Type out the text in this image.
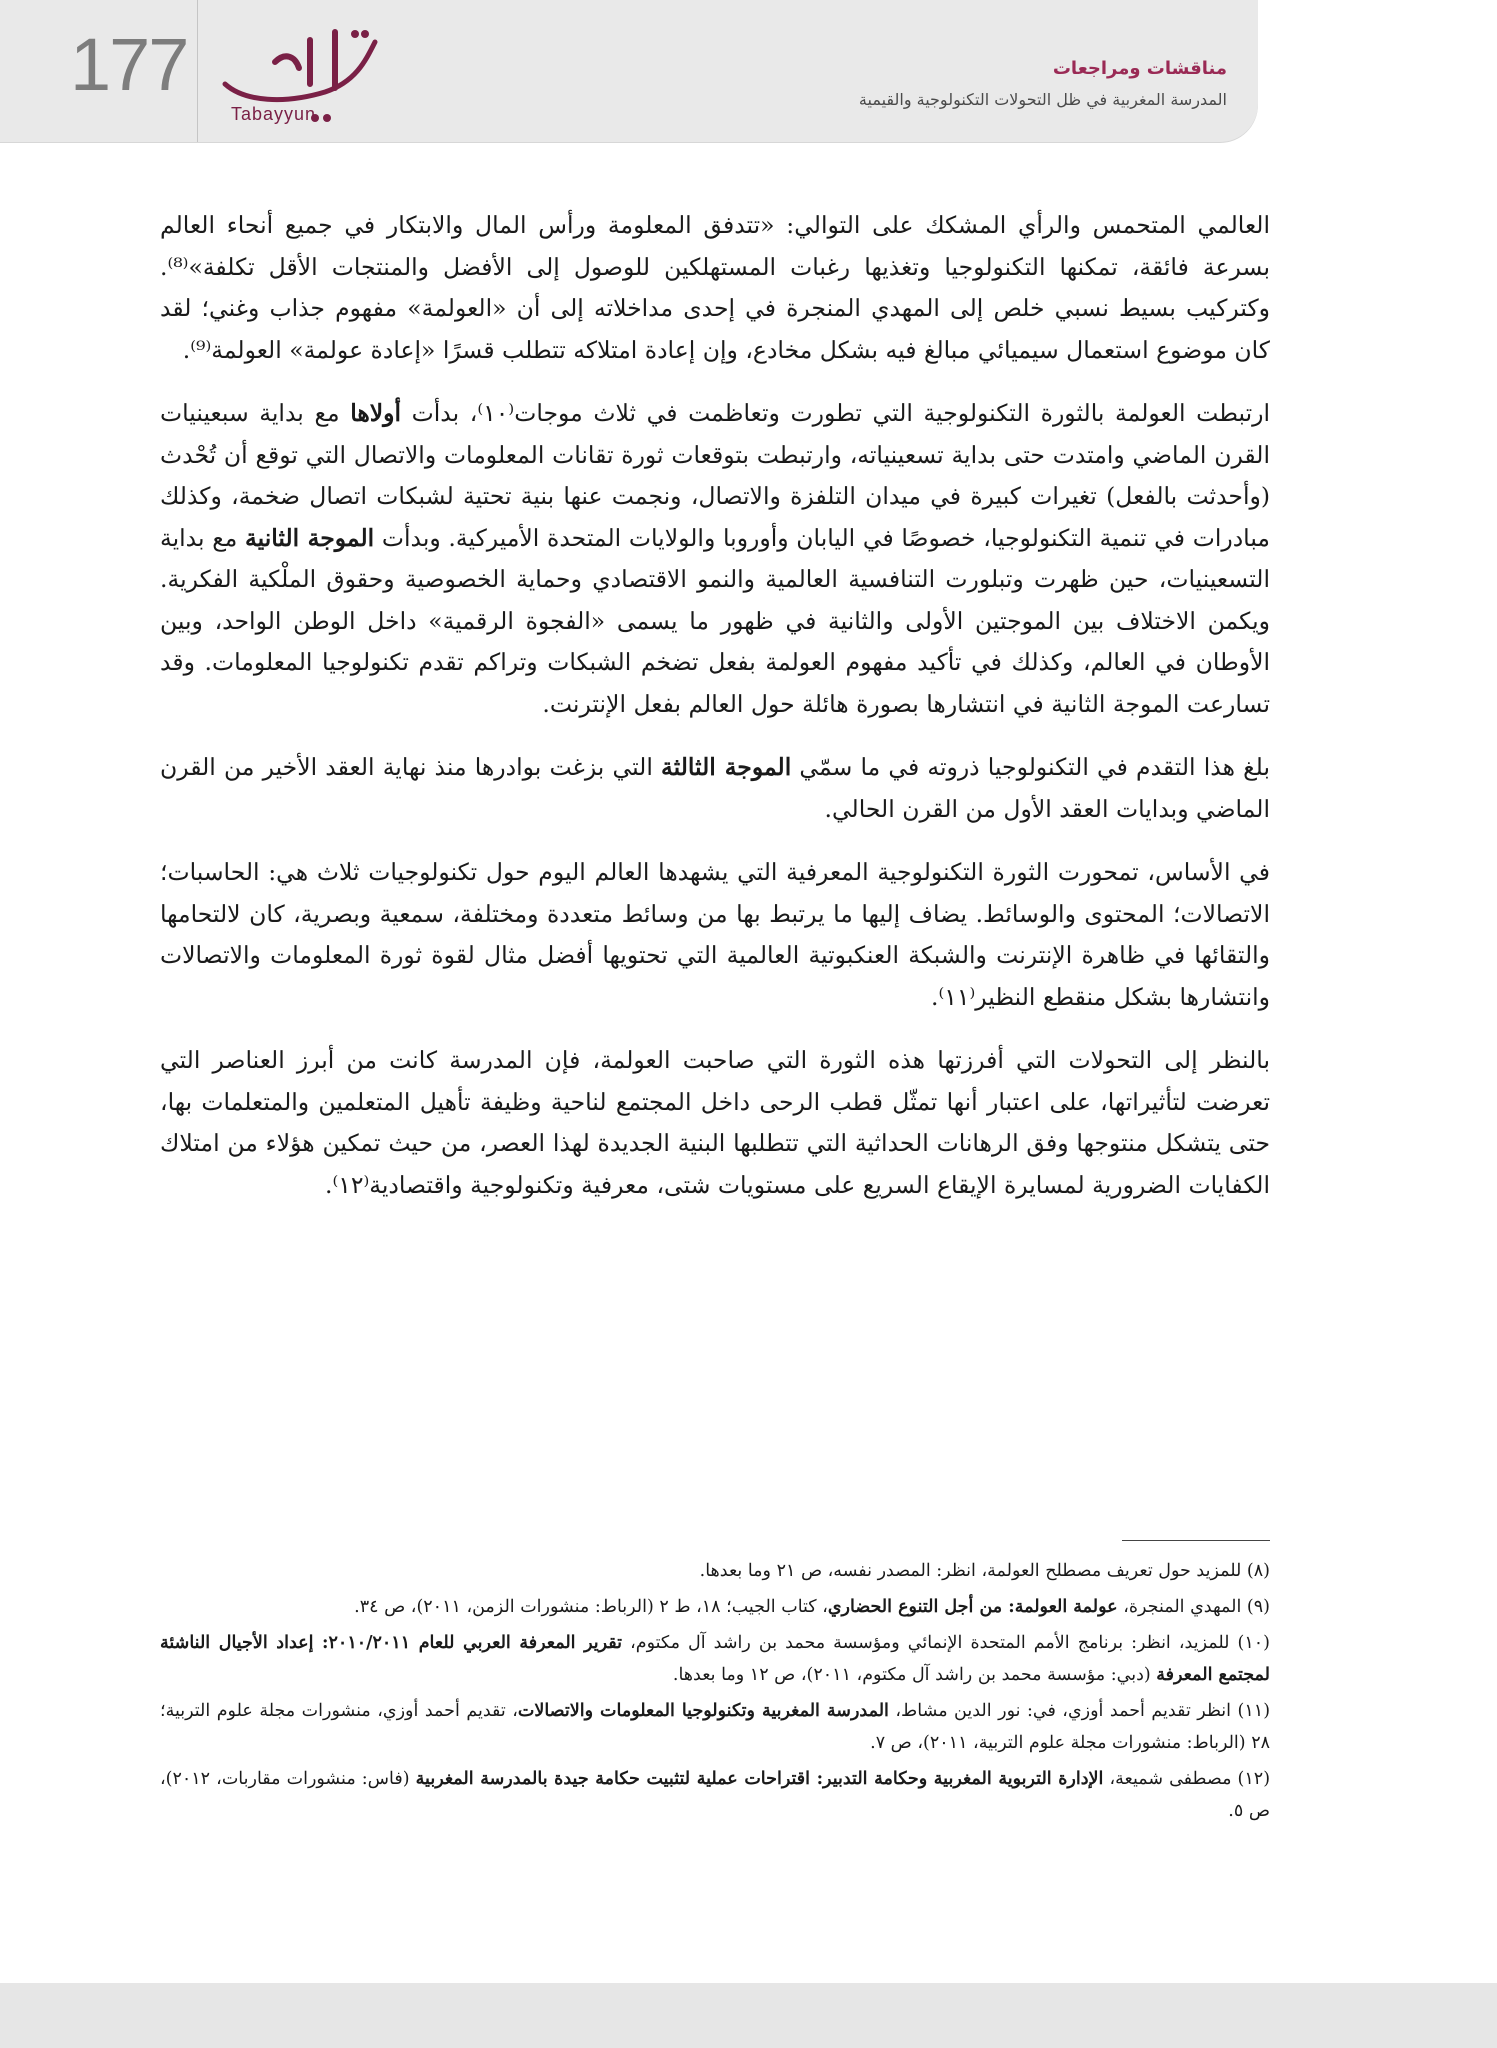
177
Tabayyun
مناقشات ومراجعات
المدرسة المغربية في ظل التحولات التكنولوجية والقيمية

العالمي المتحمس والرأي المشكك على التوالي: «تتدفق المعلومة ورأس المال والابتكار في جميع أنحاء العالم بسرعة فائقة، تمكنها التكنولوجيا وتغذيها رغبات المستهلكين للوصول إلى الأفضل والمنتجات الأقل تكلفة»⁽⁸⁾. وكتركيب بسيط نسبي خلص إلى المهدي المنجرة في إحدى مداخلاته إلى أن «العولمة» مفهوم جذاب وغني؛ لقد كان موضوع استعمال سيميائي مبالغ فيه بشكل مخادع، وإن إعادة امتلاكه تتطلب قسرًا «إعادة عولمة» العولمة⁽⁹⁾.

ارتبطت العولمة بالثورة التكنولوجية التي تطورت وتعاظمت في ثلاث موجات⁽١٠⁾، بدأت أولاها مع بداية سبعينيات القرن الماضي وامتدت حتى بداية تسعينياته، وارتبطت بتوقعات ثورة تقانات المعلومات والاتصال التي توقع أن تُحْدث (وأحدثت بالفعل) تغيرات كبيرة في ميدان التلفزة والاتصال، ونجمت عنها بنية تحتية لشبكات اتصال ضخمة، وكذلك مبادرات في تنمية التكنولوجيا، خصوصًا في اليابان وأوروبا والولايات المتحدة الأميركية. وبدأت الموجة الثانية مع بداية التسعينيات، حين ظهرت وتبلورت التنافسية العالمية والنمو الاقتصادي وحماية الخصوصية وحقوق الملْكية الفكرية. ويكمن الاختلاف بين الموجتين الأولى والثانية في ظهور ما يسمى «الفجوة الرقمية» داخل الوطن الواحد، وبين الأوطان في العالم، وكذلك في تأكيد مفهوم العولمة بفعل تضخم الشبكات وتراكم تقدم تكنولوجيا المعلومات. وقد تسارعت الموجة الثانية في انتشارها بصورة هائلة حول العالم بفعل الإنترنت.

بلغ هذا التقدم في التكنولوجيا ذروته في ما سمّي الموجة الثالثة التي بزغت بوادرها منذ نهاية العقد الأخير من القرن الماضي وبدايات العقد الأول من القرن الحالي.

في الأساس، تمحورت الثورة التكنولوجية المعرفية التي يشهدها العالم اليوم حول تكنولوجيات ثلاث هي: الحاسبات؛ الاتصالات؛ المحتوى والوسائط. يضاف إليها ما يرتبط بها من وسائط متعددة ومختلفة، سمعية وبصرية، كان لالتحامها والتقائها في ظاهرة الإنترنت والشبكة العنكبوتية العالمية التي تحتويها أفضل مثال لقوة ثورة المعلومات والاتصالات وانتشارها بشكل منقطع النظير⁽١١⁾.

بالنظر إلى التحولات التي أفرزتها هذه الثورة التي صاحبت العولمة، فإن المدرسة كانت من أبرز العناصر التي تعرضت لتأثيراتها، على اعتبار أنها تمثّل قطب الرحى داخل المجتمع لناحية وظيفة تأهيل المتعلمين والمتعلمات بها، حتى يتشكل منتوجها وفق الرهانات الحداثية التي تتطلبها البنية الجديدة لهذا العصر، من حيث تمكين هؤلاء من امتلاك الكفايات الضرورية لمسايرة الإيقاع السريع على مستويات شتى، معرفية وتكنولوجية واقتصادية⁽١٢⁾.

(٨) للمزيد حول تعريف مصطلح العولمة، انظر: المصدر نفسه، ص ٢١ وما بعدها.

(٩) المهدي المنجرة، عولمة العولمة: من أجل التنوع الحضاري، كتاب الجيب؛ ١٨، ط ٢ (الرباط: منشورات الزمن، ٢٠١١)، ص ٣٤.

(١٠) للمزيد، انظر: برنامج الأمم المتحدة الإنمائي ومؤسسة محمد بن راشد آل مكتوم، تقرير المعرفة العربي للعام ٢٠١٠/٢٠١١: إعداد الأجيال الناشئة لمجتمع المعرفة (دبي: مؤسسة محمد بن راشد آل مكتوم، ٢٠١١)، ص ١٢ وما بعدها.

(١١) انظر تقديم أحمد أوزي، في: نور الدين مشاط، المدرسة المغربية وتكنولوجيا المعلومات والاتصالات، تقديم أحمد أوزي، منشورات مجلة علوم التربية؛ ٢٨ (الرباط: منشورات مجلة علوم التربية، ٢٠١١)، ص ٧.

(١٢) مصطفى شميعة، الإدارة التربوية المغربية وحكامة التدبير: اقتراحات عملية لتثبيت حكامة جيدة بالمدرسة المغربية (فاس: منشورات مقاربات، ٢٠١٢)، ص ٥.
